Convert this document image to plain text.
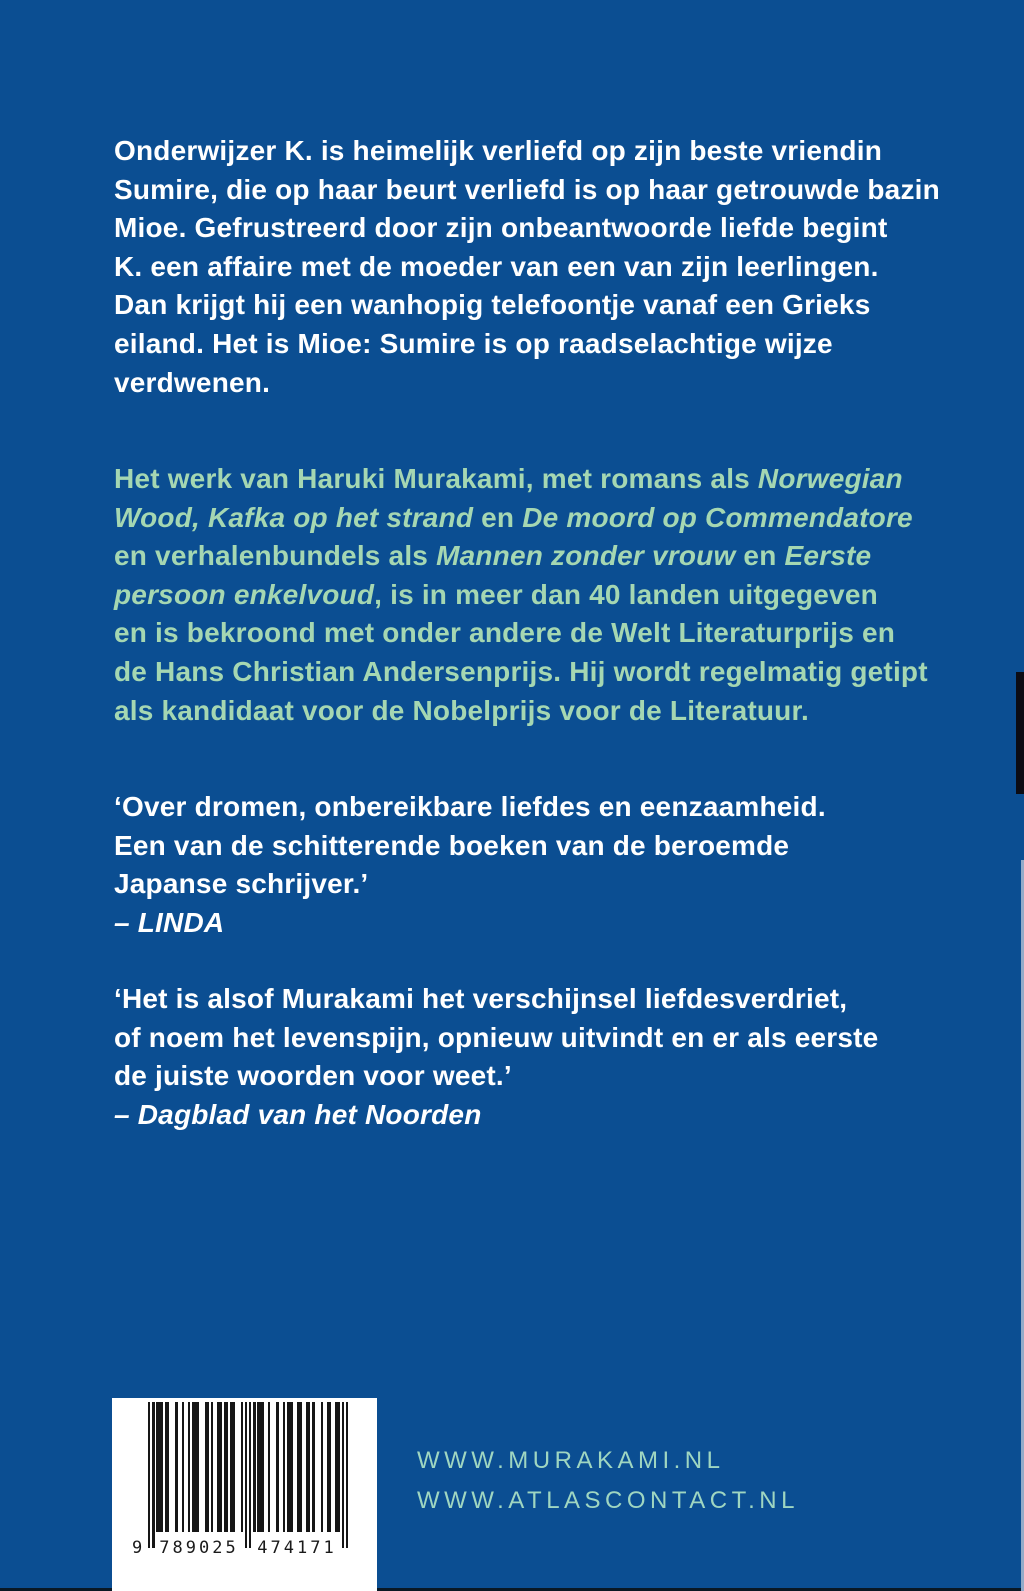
Onderwijzer K. is heimelijk verliefd op zijn beste vriendin
Sumire, die op haar beurt verliefd is op haar getrouwde bazin
Mioe. Gefrustreerd door zijn onbeantwoorde liefde begint
K. een affaire met de moeder van een van zijn leerlingen.
Dan krijgt hij een wanhopig telefoontje vanaf een Grieks
eiland. Het is Mioe: Sumire is op raadselachtige wijze
verdwenen.
Het werk van Haruki Murakami, met romans als Norwegian
Wood, Kafka op het strand en De moord op Commendatore
en verhalenbundels als Mannen zonder vrouw en Eerste
persoon enkelvoud, is in meer dan 40 landen uitgegeven
en is bekroond met onder andere de Welt Literaturprijs en
de Hans Christian Andersenprijs. Hij wordt regelmatig getipt
als kandidaat voor de Nobelprijs voor de Literatuur.
‘Over dromen, onbereikbare liefdes en eenzaamheid.
Een van de schitterende boeken van de beroemde
Japanse schrijver.’
– LINDA
‘Het is alsof Murakami het verschijnsel liefdesverdriet,
of noem het levenspijn, opnieuw uitvindt en er als eerste
de juiste woorden voor weet.’
– Dagblad van het Noorden
WWW.MURAKAMI.NL
WWW.ATLASCONTACT.NL
9 789025 474171
